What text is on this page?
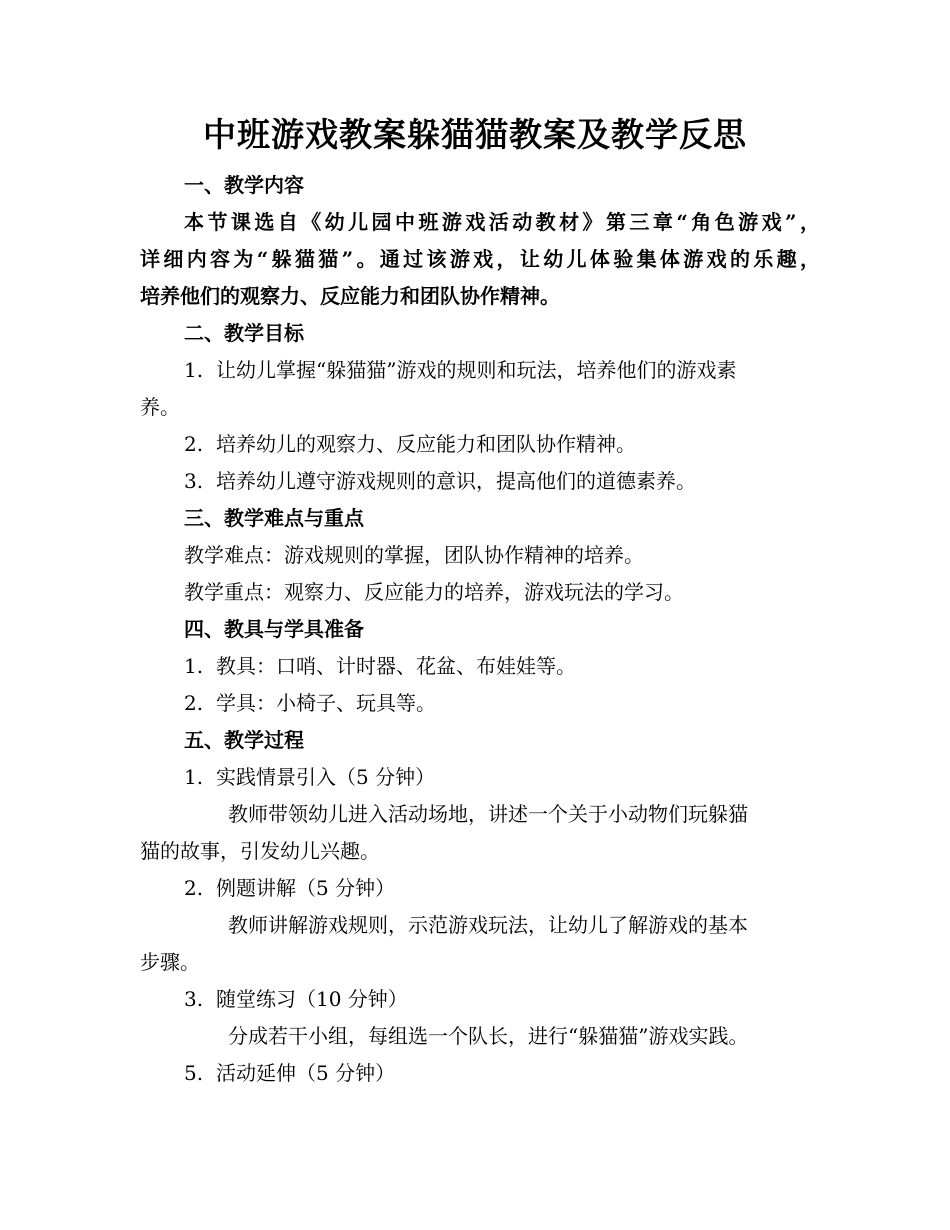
中班游戏教案躲猫猫教案及教学反思
一、教学内容
本节课选自《幼儿园中班游戏活动教材》第三章“角色游戏”，
详细内容为“躲猫猫”。通过该游戏，让幼儿体验集体游戏的乐趣，
培养他们的观察力、反应能力和团队协作精神。
二、教学目标
1. 让幼儿掌握“躲猫猫”游戏的规则和玩法，培养他们的游戏素
养。
2. 培养幼儿的观察力、反应能力和团队协作精神。
3. 培养幼儿遵守游戏规则的意识，提高他们的道德素养。
三、教学难点与重点
教学难点：游戏规则的掌握，团队协作精神的培养。
教学重点：观察力、反应能力的培养，游戏玩法的学习。
四、教具与学具准备
1. 教具：口哨、计时器、花盆、布娃娃等。
2. 学具：小椅子、玩具等。
五、教学过程
1. 实践情景引入（5 分钟）
教师带领幼儿进入活动场地，讲述一个关于小动物们玩躲猫
猫的故事，引发幼儿兴趣。
2. 例题讲解（5 分钟）
教师讲解游戏规则，示范游戏玩法，让幼儿了解游戏的基本
步骤。
3. 随堂练习（10 分钟）
分成若干小组，每组选一个队长，进行“躲猫猫”游戏实践。
5. 活动延伸（5 分钟）
